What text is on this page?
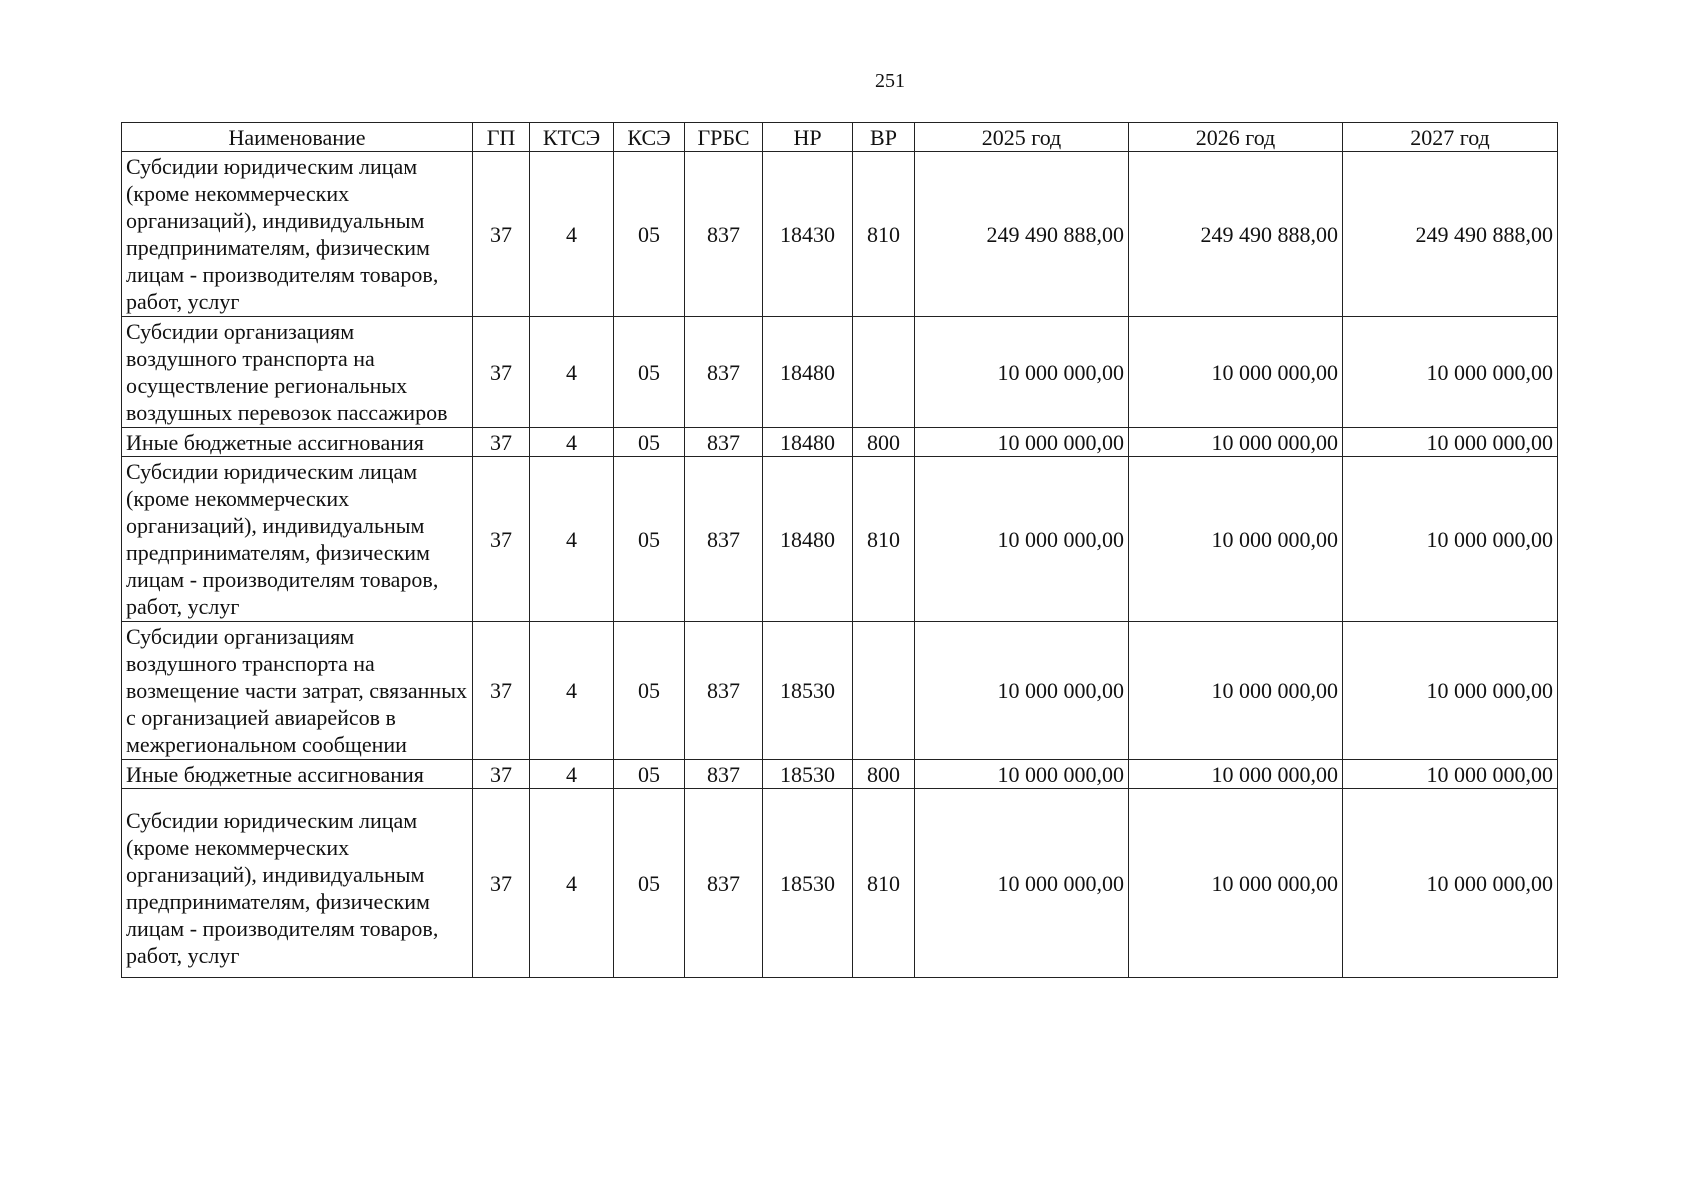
251
Наименование	ГП	КТСЭ	КСЭ	ГРБС	НР	ВР	2025 год	2026 год	2027 год
Субсидии юридическим лицам (кроме некоммерческих организаций), индивидуальным предпринимателям, физическим лицам - производителям товаров, работ, услуг	37	4	05	837	18430	810	249 490 888,00	249 490 888,00	249 490 888,00
Субсидии организациям воздушного транспорта на осуществление региональных воздушных перевозок пассажиров	37	4	05	837	18480		10 000 000,00	10 000 000,00	10 000 000,00
Иные бюджетные ассигнования	37	4	05	837	18480	800	10 000 000,00	10 000 000,00	10 000 000,00
Субсидии юридическим лицам (кроме некоммерческих организаций), индивидуальным предпринимателям, физическим лицам - производителям товаров, работ, услуг	37	4	05	837	18480	810	10 000 000,00	10 000 000,00	10 000 000,00
Субсидии организациям воздушного транспорта на возмещение части затрат, связанных с организацией авиарейсов в межрегиональном сообщении	37	4	05	837	18530		10 000 000,00	10 000 000,00	10 000 000,00
Иные бюджетные ассигнования	37	4	05	837	18530	800	10 000 000,00	10 000 000,00	10 000 000,00
Субсидии юридическим лицам (кроме некоммерческих организаций), индивидуальным предпринимателям, физическим лицам - производителям товаров, работ, услуг	37	4	05	837	18530	810	10 000 000,00	10 000 000,00	10 000 000,00
